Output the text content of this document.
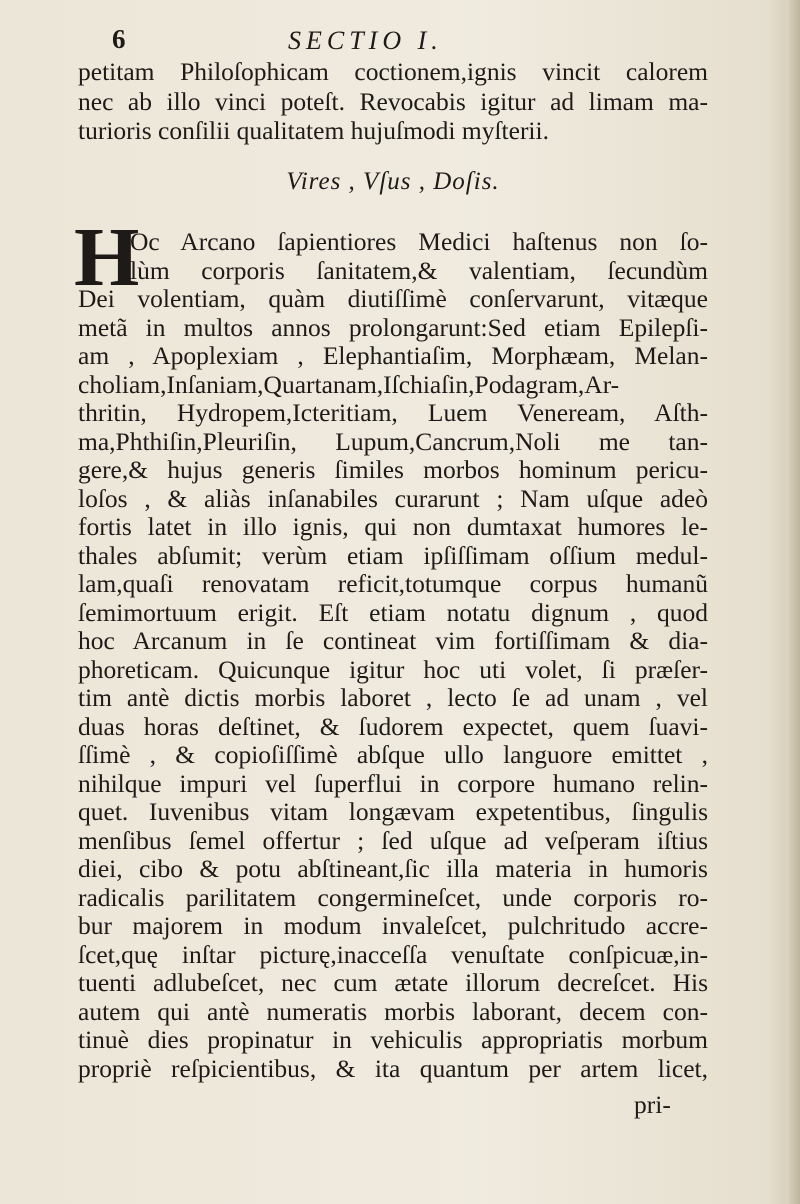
6	SECTIO I.
petitam Philoſophicam coctionem,ignis vincit calorem
nec ab illo vinci poteſt. Revocabis igitur ad limam ma-
turioris conſilii qualitatem hujuſmodi myſterii.
Vires , Vſus , Doſis.
H
Oc Arcano ſapientiores Medici haſtenus non ſo-
lùm corporis ſanitatem,& valentiam, ſecundùm
Dei volentiam, quàm diutiſſimè conſervarunt, vitæque
metã in multos annos prolongarunt:Sed etiam Epilepſi-
am , Apoplexiam , Elephantiaſim, Morphæam, Melan-
choliam,Inſaniam,Quartanam,Iſchiaſin,Podagram,Ar-
thritin, Hydropem,Icteritiam, Luem Veneream, Aſth-
ma,Phthiſin,Pleuriſin, Lupum,Cancrum,Noli me tan-
gere,& hujus generis ſimiles morbos hominum pericu-
loſos , & aliàs inſanabiles curarunt ; Nam uſque adeò
fortis latet in illo ignis, qui non dumtaxat humores le-
thales abſumit; verùm etiam ipſiſſimam oſſium medul-
lam,quaſi renovatam reficit,totumque corpus humanũ
ſemimortuum erigit. Eſt etiam notatu dignum , quod
hoc Arcanum in ſe contineat vim fortiſſimam & dia-
phoreticam. Quicunque igitur hoc uti volet, ſi præſer-
tim antè dictis morbis laboret , lecto ſe ad unam , vel
duas horas deſtinet, & ſudorem expectet, quem ſuavi-
ſſimè , & copioſiſſimè abſque ullo languore emittet ,
nihilque impuri vel ſuperflui in corpore humano relin-
quet. Iuvenibus vitam longævam expetentibus, ſingulis
menſibus ſemel offertur ; ſed uſque ad veſperam iſtius
diei, cibo & potu abſtineant,ſic illa materia in humoris
radicalis parilitatem congermineſcet, unde corporis ro-
bur majorem in modum invaleſcet, pulchritudo accre-
ſcet,quę inſtar picturę,inacceſſa venuſtate conſpicuæ,in-
tuenti adlubeſcet, nec cum ætate illorum decreſcet. His
autem qui antè numeratis morbis laborant, decem con-
tinuè dies propinatur in vehiculis appropriatis morbum
propriè reſpicientibus, & ita quantum per artem licet,
pri-
